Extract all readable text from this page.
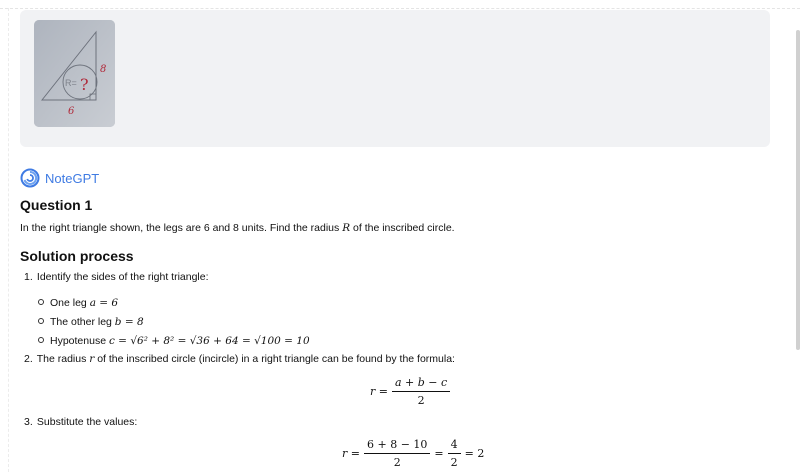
R= ?
8
6
NoteGPT
Question 1

In the right triangle shown, the legs are 6 and 8 units. Find the radius R of the inscribed circle.

Solution process

1. Identify the sides of the right triangle:

One leg
a = 6

The other leg
b = 8

Hypotenuse
c = √6² + 8² = √36 + 64 = √100 = 10

2. The radius r of the inscribed circle (incircle) in a right triangle can be found by the formula:

$r = \frac{a + b - c}{2}$

3. Substitute the values:

$r = \frac{6 + 8 - 10}{2} = \frac{4}{2} = 2$
